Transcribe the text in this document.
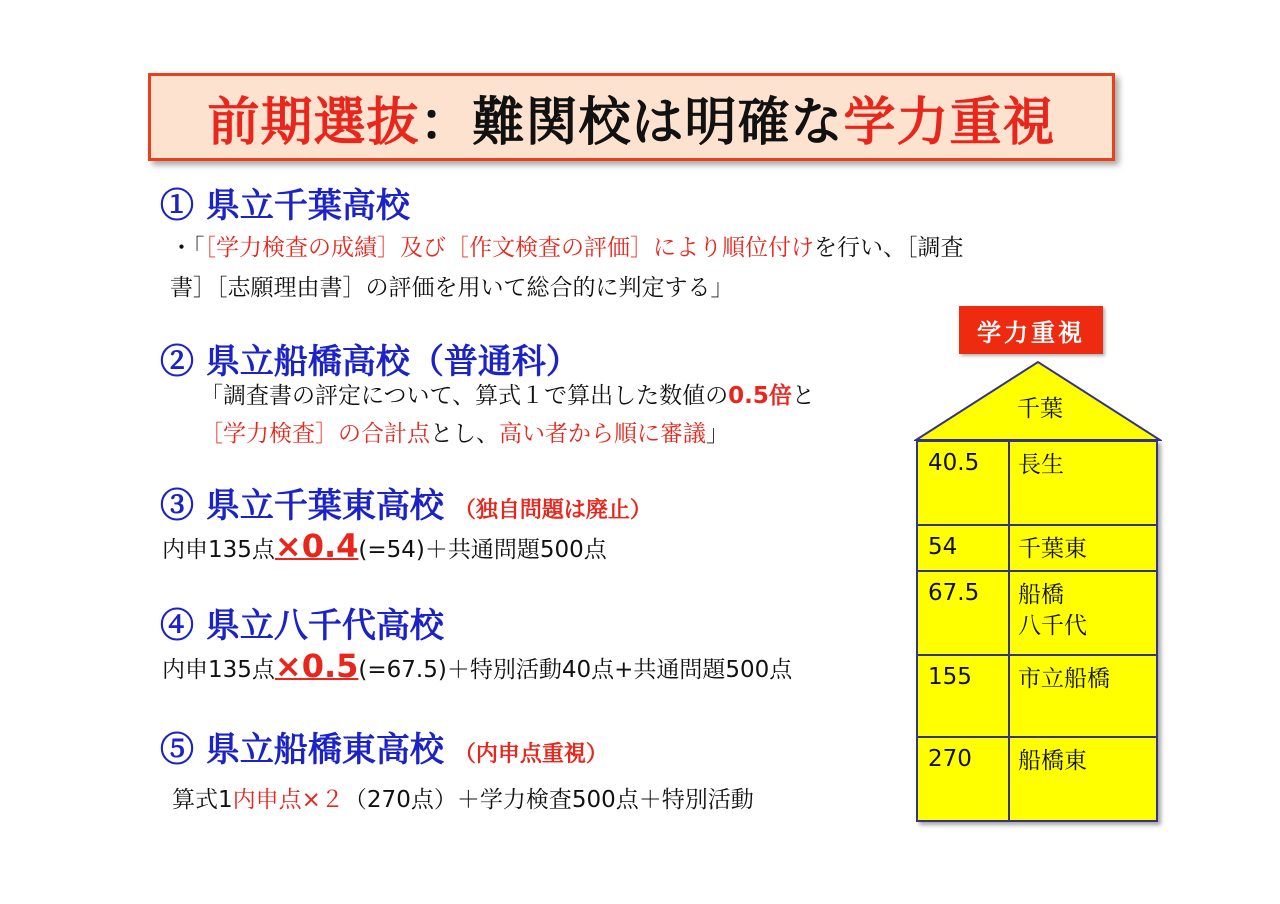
前期選抜 ：難関校は明確な 学力重視
① 県立千葉高校
・「［学力検査の成績］及び［作文検査の評価］により順位付けを行い、［調査
書］［志願理由書］の評価を用いて総合的に判定する」
② 県立船橋高校（普通科）
「調査書の評定について、算式１で算出した数値の0.5倍と
［学力検査］の合計点とし、高い者から順に審議」
③ 県立千葉東高校 （独自問題は廃止）
内申135点×0.4(=54)＋共通問題500点
④ 県立八千代高校
内申135点×0.5(=67.5)＋特別活動40点+共通問題500点
⑤ 県立船橋東高校 （内申点重視）
算式1内申点×２（270点）＋学力検査500点＋特別活動
学力重視
千葉
40.5 長生
54	千葉東
67.5 船橋
八千代
155 市立船橋
270 船橋東
